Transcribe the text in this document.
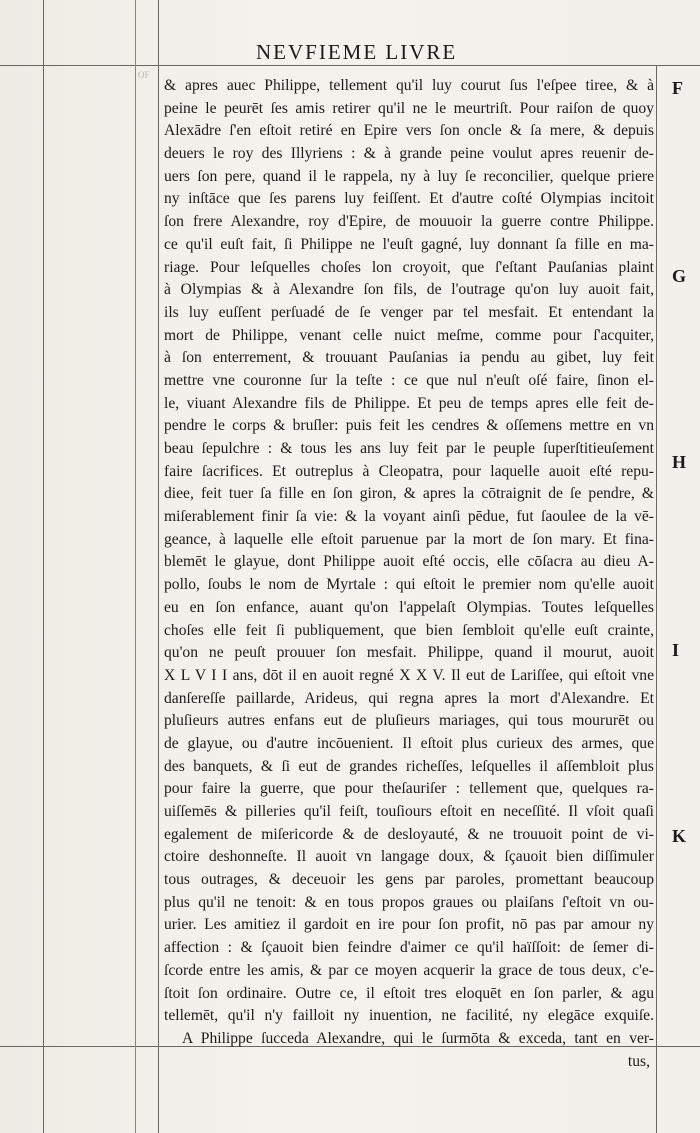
NEVFIEME LIVRE
OF
& apres auec Philippe, tellement qu'il luy courut ſus l'eſpee tiree, & à
peine le peurēt ſes amis retirer qu'il ne le meurtriſt. Pour raiſon de quoy
Alexādre ſ'en eſtoit retiré en Epire vers ſon oncle & ſa mere, & depuis
deuers le roy des Illyriens : & à grande peine voulut apres reuenir de-
uers ſon pere, quand il le rappela, ny à luy ſe reconcilier, quelque priere
ny inſtāce que ſes parens luy feiſſent. Et d'autre coſté Olympias incitoit
ſon frere Alexandre, roy d'Epire, de mouuoir la guerre contre Philippe.
ce qu'il euſt fait, ſi Philippe ne l'euſt gagné, luy donnant ſa fille en ma-
riage. Pour leſquelles choſes lon croyoit, que ſ'eſtant Pauſanias plaint
à Olympias & à Alexandre ſon fils, de l'outrage qu'on luy auoit fait,
ils luy euſſent perſuadé de ſe venger par tel mesfait. Et entendant la
mort de Philippe, venant celle nuict meſme, comme pour ſ'acquiter,
à ſon enterrement, & trouuant Pauſanias ia pendu au gibet, luy feit
mettre vne couronne ſur la teſte : ce que nul n'euſt oſé faire, ſinon el-
le, viuant Alexandre fils de Philippe. Et peu de temps apres elle feit de-
pendre le corps & bruſler: puis feit les cendres & oſſemens mettre en vn
beau ſepulchre : & tous les ans luy feit par le peuple ſuperſtitieuſement
faire ſacrifices. Et outreplus à Cleopatra, pour laquelle auoit eſté repu-
diee, feit tuer ſa fille en ſon giron, & apres la cōtraignit de ſe pendre, &
miſerablement finir ſa vie: & la voyant ainſi pēdue, fut ſaoulee de la vē-
geance, à laquelle elle eſtoit paruenue par la mort de ſon mary. Et fina-
blemēt le glayue, dont Philippe auoit eſté occis, elle cōſacra au dieu A-
pollo, ſoubs le nom de Myrtale : qui eſtoit le premier nom qu'elle auoit
eu en ſon enfance, auant qu'on l'appelaſt Olympias. Toutes leſquelles
choſes elle feit ſi publiquement, que bien ſembloit qu'elle euſt crainte,
qu'on ne peuſt prouuer ſon mesfait. Philippe, quand il mourut, auoit
X L V I I ans, dōt il en auoit regné X X V. Il eut de Lariſſee, qui eſtoit vne
danſereſſe paillarde, Arideus, qui regna apres la mort d'Alexandre. Et
pluſieurs autres enfans eut de pluſieurs mariages, qui tous moururēt ou
de glayue, ou d'autre incōuenient. Il eſtoit plus curieux des armes, que
des banquets, & ſi eut de grandes richeſſes, leſquelles il aſſembloit plus
pour faire la guerre, que pour theſauriſer : tellement que, quelques ra-
uiſſemēs & pilleries qu'il feiſt, touſiours eſtoit en neceſſité. Il vſoit quaſi
egalement de miſericorde & de desloyauté, & ne trouuoit point de vi-
ctoire deshonneſte. Il auoit vn langage doux, & ſçauoit bien diſſimuler
tous outrages, & deceuoir les gens par paroles, promettant beaucoup
plus qu'il ne tenoit: & en tous propos graues ou plaiſans ſ'eſtoit vn ou-
urier. Les amitiez il gardoit en ire pour ſon profit, nō pas par amour ny
affection : & ſçauoit bien feindre d'aimer ce qu'il haïſſoit: de ſemer di-
ſcorde entre les amis, & par ce moyen acquerir la grace de tous deux, c'e-
ſtoit ſon ordinaire. Outre ce, il eſtoit tres eloquēt en ſon parler, & agu
tellemēt, qu'il n'y failloit ny inuention, ne facilité, ny elegāce exquiſe.
A Philippe ſucceda Alexandre, qui le ſurmōta & exceda, tant en ver-
tus,
F
G
H
I
K
